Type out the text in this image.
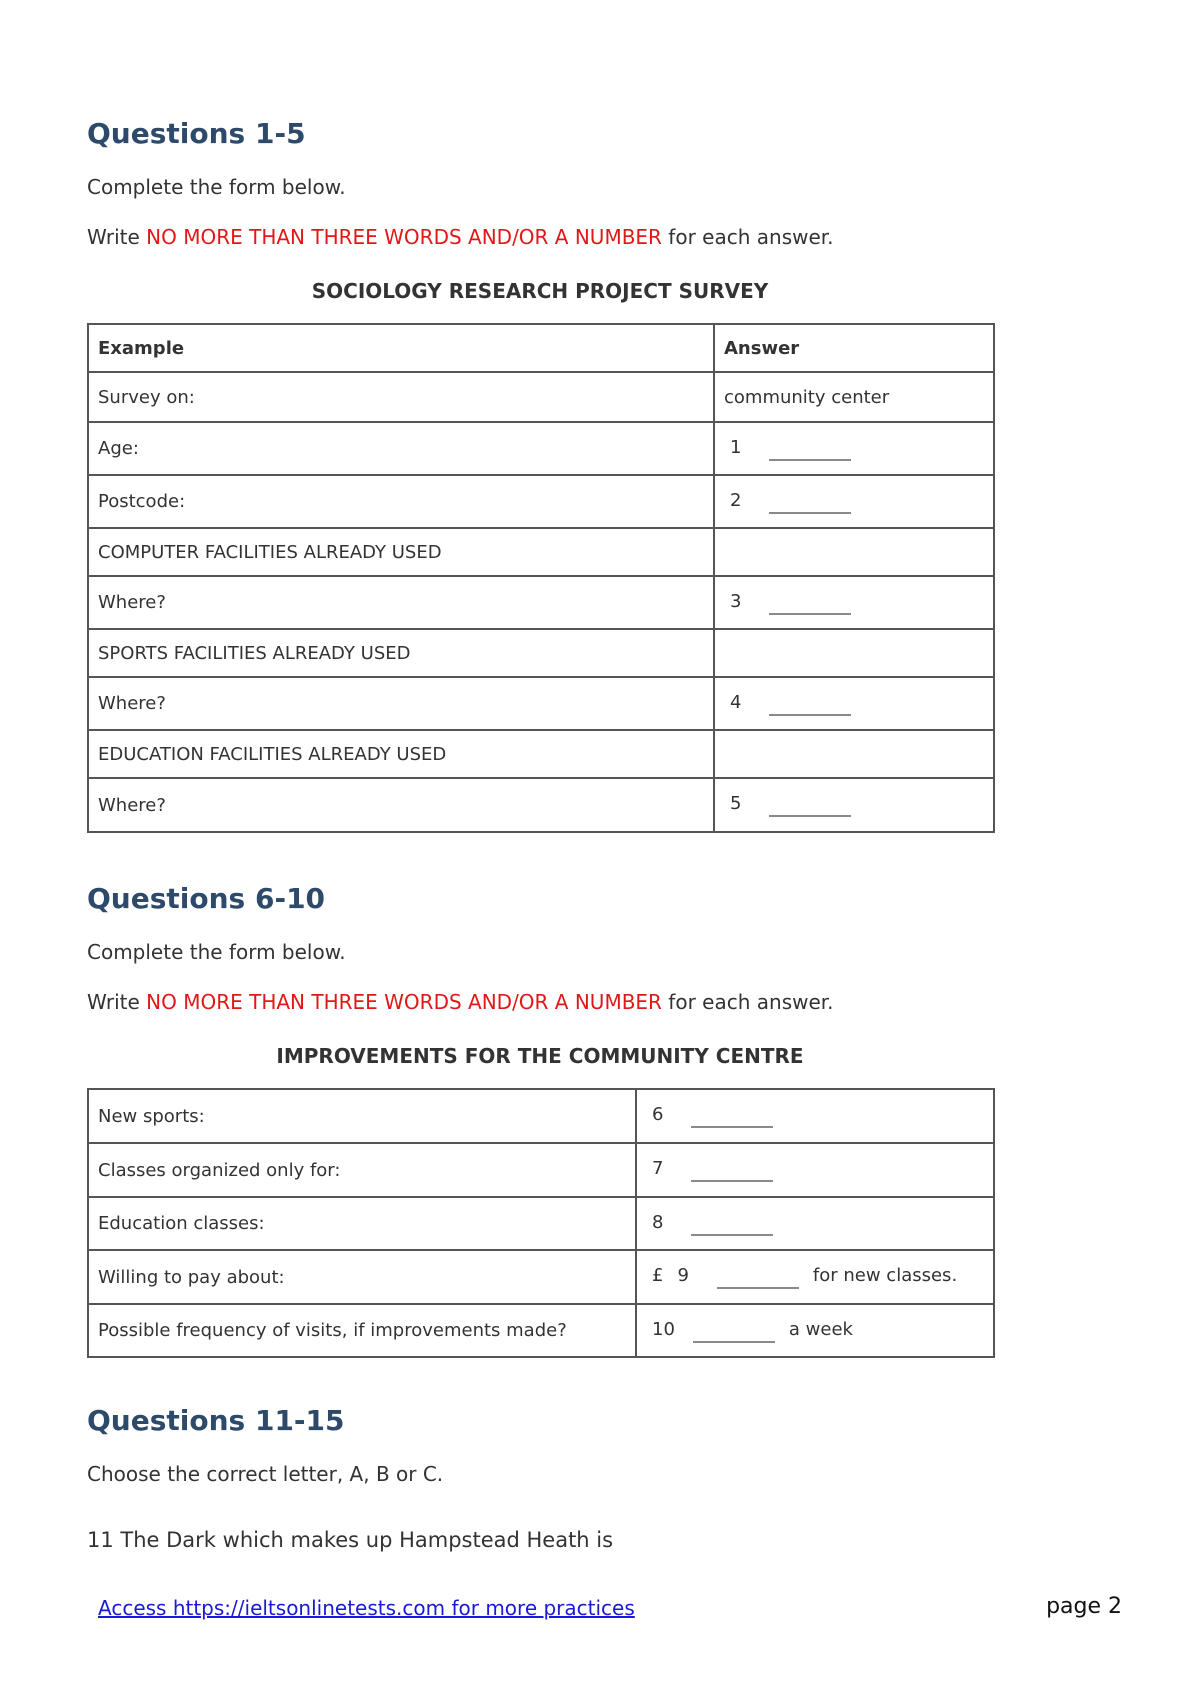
Questions 1-5

Complete the form below.

Write NO MORE THAN THREE WORDS AND/OR A NUMBER for each answer.

SOCIOLOGY RESEARCH PROJECT SURVEY

Example	Answer
Survey on:	community center
Age:	1
Postcode:	2
COMPUTER FACILITIES ALREADY USED	
Where?	3
SPORTS FACILITIES ALREADY USED	
Where?	4
EDUCATION FACILITIES ALREADY USED	
Where?	5
Questions 6-10

Complete the form below.

Write NO MORE THAN THREE WORDS AND/OR A NUMBER for each answer.

IMPROVEMENTS FOR THE COMMUNITY CENTRE

New sports:	6
Classes organized only for:	7
Education classes:	8
Willing to pay about:	£ 9 for new classes.
Possible frequency of visits, if improvements made?	10 a week
Questions 11-15

Choose the correct letter, A, B or C.

11 The Dark which makes up Hampstead Heath is

Access https://ieltsonlinetests.com for more practices	page 2
